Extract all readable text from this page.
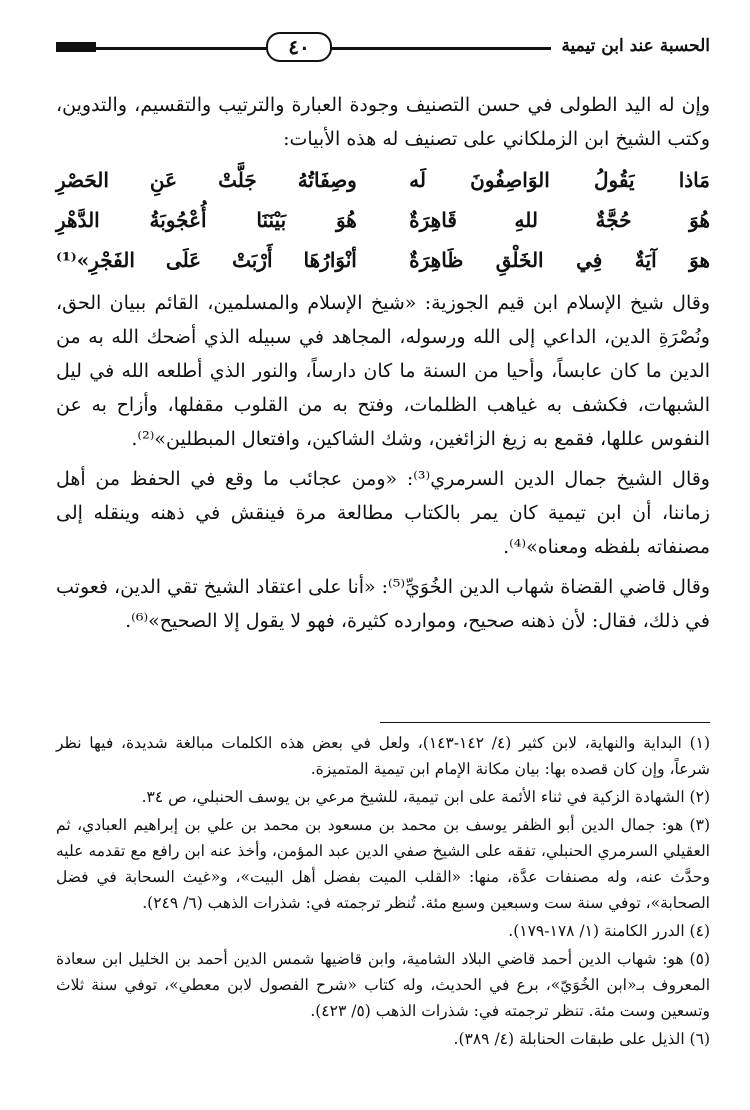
الحسبة عند ابن تيمية
٤٠

وإن له اليد الطولى في حسن التصنيف وجودة العبارة والترتيب والتقسيم، والتدوين، وكتب الشيخ ابن الزملكاني على تصنيف له هذه الأبيات:

مَاذا يَقُولُ الوَاصِفُونَ لَه
وصِفَاتُهُ جَلَّتْ عَنِ الحَصْرِ
هُوَ حُجَّةٌ للهِ قَاهِرَةٌ
هُوَ بَيْنَنَا أُعْجُوبَةُ الدَّهْرِ
هوَ آيَةٌ فِي الخَلْقِ ظَاهِرَةٌ
أنْوَارُهَا أَرْبَتْ عَلَى الفَجْرِ»⁽¹⁾

وقال شيخ الإسلام ابن قيم الجوزية: «شيخ الإسلام والمسلمين، القائم ببيان الحق، ونُصْرَةِ الدين، الداعي إلى الله ورسوله، المجاهد في سبيله الذي أضحك الله به من الدين ما كان عابساً، وأحيا من السنة ما كان دارساً، والنور الذي أطلعه الله في ليل الشبهات، فكشف به غياهب الظلمات، وفتح به من القلوب مقفلها، وأزاح به عن النفوس عللها، فقمع به زيغ الزائغين، وشك الشاكين، وافتعال المبطلين»⁽²⁾.

وقال الشيخ جمال الدين السرمري⁽³⁾: «ومن عجائب ما وقع في الحفظ من أهل زماننا، أن ابن تيمية كان يمر بالكتاب مطالعة مرة فينقش في ذهنه وينقله إلى مصنفاته بلفظه ومعناه»⁽⁴⁾.

وقال قاضي القضاة شهاب الدين الخُوَيِّ⁽⁵⁾: «أنا على اعتقاد الشيخ تقي الدين، فعوتب في ذلك، فقال: لأن ذهنه صحيح، وموارده كثيرة، فهو لا يقول إلا الصحيح»⁽⁶⁾.

(١) البداية والنهاية، لابن كثير (٤/ ١٤٢-١٤٣)، ولعل في بعض هذه الكلمات مبالغة شديدة، فيها نظر شرعاً، وإن كان قصده بها: بيان مكانة الإمام ابن تيمية المتميزة.

(٢) الشهادة الزكية في ثناء الأئمة على ابن تيمية، للشيخ مرعي بن يوسف الحنبلي، ص ٣٤.

(٣) هو: جمال الدين أبو الظفر يوسف بن محمد بن مسعود بن محمد بن علي بن إبراهيم العبادي، ثم العقيلي السرمري الحنبلي، تفقه على الشيخ صفي الدين عبد المؤمن، وأخذ عنه ابن رافع مع تقدمه عليه وحدَّث عنه، وله مصنفات عدَّة، منها: «القلب الميت بفضل أهل البيت»، و«غيث السحابة في فضل الصحابة»، توفي سنة ست وسبعين وسبع مئة. تُنظر ترجمته في: شذرات الذهب (٦/ ٢٤٩).

(٤) الدرر الكامنة (١/ ١٧٨-١٧٩).

(٥) هو: شهاب الدين أحمد قاضي البلاد الشامية، وابن قاضيها شمس الدين أحمد بن الخليل ابن سعادة المعروف بـ«ابن الخُوَيّ»، برع في الحديث، وله كتاب «شرح الفصول لابن معطي»، توفي سنة ثلاث وتسعين وست مئة. تنظر ترجمته في: شذرات الذهب (٥/ ٤٢٣).

(٦) الذيل على طبقات الحنابلة (٤/ ٣٨٩).
